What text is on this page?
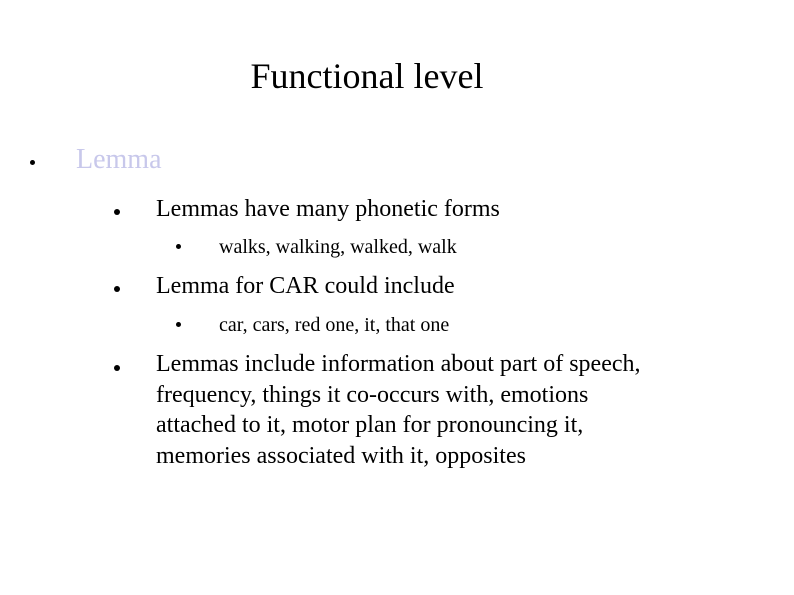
Functional level
Lemma
Lemmas have many phonetic forms
walks, walking, walked, walk
Lemma for CAR could include
car, cars, red one, it, that one
Lemmas include information about part of speech,
frequency, things it co-occurs with, emotions
attached to it, motor plan for pronouncing it,
memories associated with it, opposites
